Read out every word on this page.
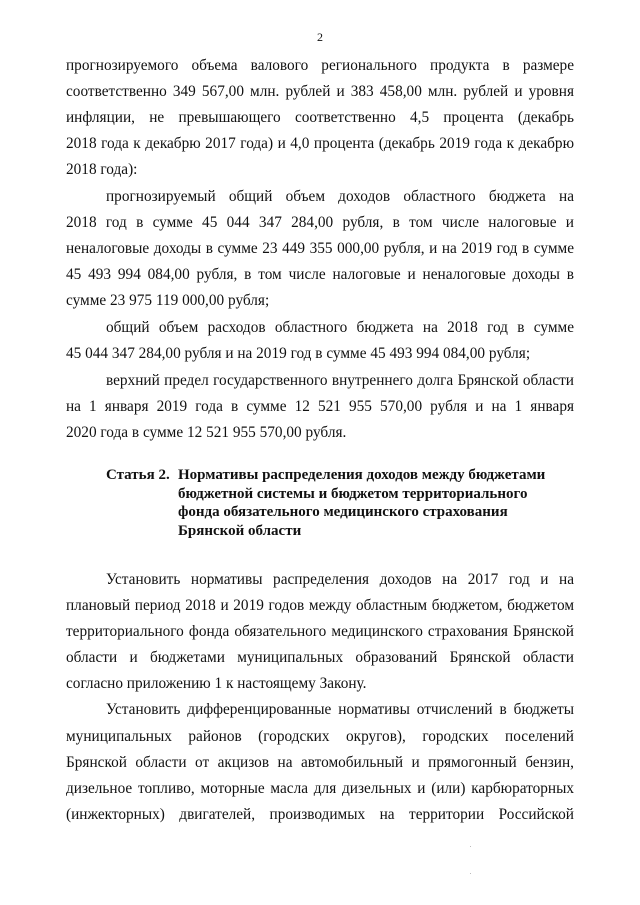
2
прогнозируемого объема валового регионального продукта в размере
соответственно 349 567,00 млн. рублей и 383 458,00 млн. рублей и уровня
инфляции, не превышающего соответственно 4,5 процента (декабрь
2018 года к декабрю 2017 года) и 4,0 процента (декабрь 2019 года к декабрю
2018 года):
прогнозируемый общий объем доходов областного бюджета на
2018 год в сумме 45 044 347 284,00 рубля, в том числе налоговые и
неналоговые доходы в сумме 23 449 355 000,00 рубля, и на 2019 год в сумме
45 493 994 084,00 рубля, в том числе налоговые и неналоговые доходы в
сумме 23 975 119 000,00 рубля;
общий объем расходов областного бюджета на 2018 год в сумме
45 044 347 284,00 рубля и на 2019 год в сумме 45 493 994 084,00 рубля;
верхний предел государственного внутреннего долга Брянской области
на 1 января 2019 года в сумме 12 521 955 570,00 рубля и на 1 января
2020 года в сумме 12 521 955 570,00 рубля.
Установить нормативы распределения доходов на 2017 год и на
плановый период 2018 и 2019 годов между областным бюджетом, бюджетом
территориального фонда обязательного медицинского страхования Брянской
области и бюджетами муниципальных образований Брянской области
согласно приложению 1 к настоящему Закону.
Установить дифференцированные нормативы отчислений в бюджеты
муниципальных районов (городских округов), городских поселений
Брянской области от акцизов на автомобильный и прямогонный бензин,
дизельное топливо, моторные масла для дизельных и (или) карбюраторных
(инжекторных) двигателей, производимых на территории Российской
Статья 2. Нормативы распределения доходов между бюджетами
бюджетной системы и бюджетом территориального
фонда обязательного медицинского страхования
Брянской области
